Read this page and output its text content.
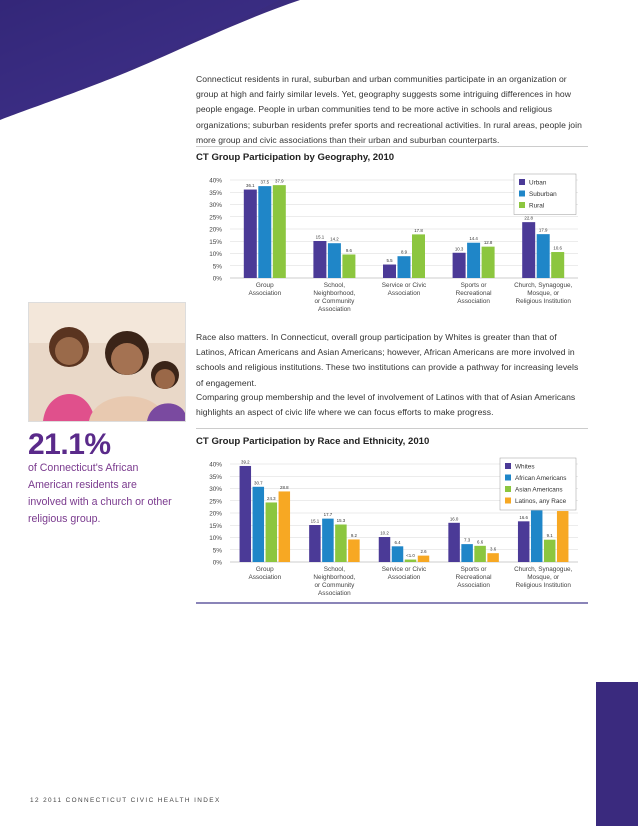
Connecticut residents in rural, suburban and urban communities participate in an organization or group at high and fairly similar levels. Yet, geography suggests some intriguing differences in how people engage. People in urban communities tend to be more active in schools and religious organizations; suburban residents prefer sports and recreational activities. In rural areas, people join more group and civic associations than their urban and suburban counterparts.
CT Group Participation by Geography, 2010
0%
5%
10%
15%
20%
25%
30%
35%
40%
36.1
37.5 37.9
Group
Association
15.1 14.2
9.6
School,
Neighborhood,
or Community
Association
5.5
8.9
17.8
Service or Civic
Association
10.3
14.4
12.8
Sports or
Recreational
Association
22.8
17.9
10.6
Church, Synagogue,
Mosque, or
Religious Institution
Urban
Suburban
Rural
21.1%
of Connecticut's African American residents are involved with a church or other religious group.
Race also matters. In Connecticut, overall group participation by Whites is greater than that of Latinos, African Americans and Asian Americans; however, African Americans are more involved in schools and religious institutions. These two institutions can provide a pathway for increasing levels of engagement.
Comparing group membership and the level of involvement of Latinos with that of Asian Americans highlights an aspect of civic life where we can focus efforts to make progress.
CT Group Participation by Race and Ethnicity, 2010
0%
5%
10%
15%
20%
25%
30%
35%
40%	39.2
30.7
24.3
28.8
Group
Association
15.1
17.7
15.3
9.2
School,
Neighborhood,
or Community
Association
10.2
6.4
<1.0
2.6
Service or Civic
Association
16.0
7.3 6.6
3.6
Sports or
Recreational
Association
16.6
9.1
Church, Synagogue,
Mosque, or
Religious Institution
Whites
African Americans
Asian Americans
Latinos, any Race
12 2011 CONNECTICUT CIVIC HEALTH INDEX
